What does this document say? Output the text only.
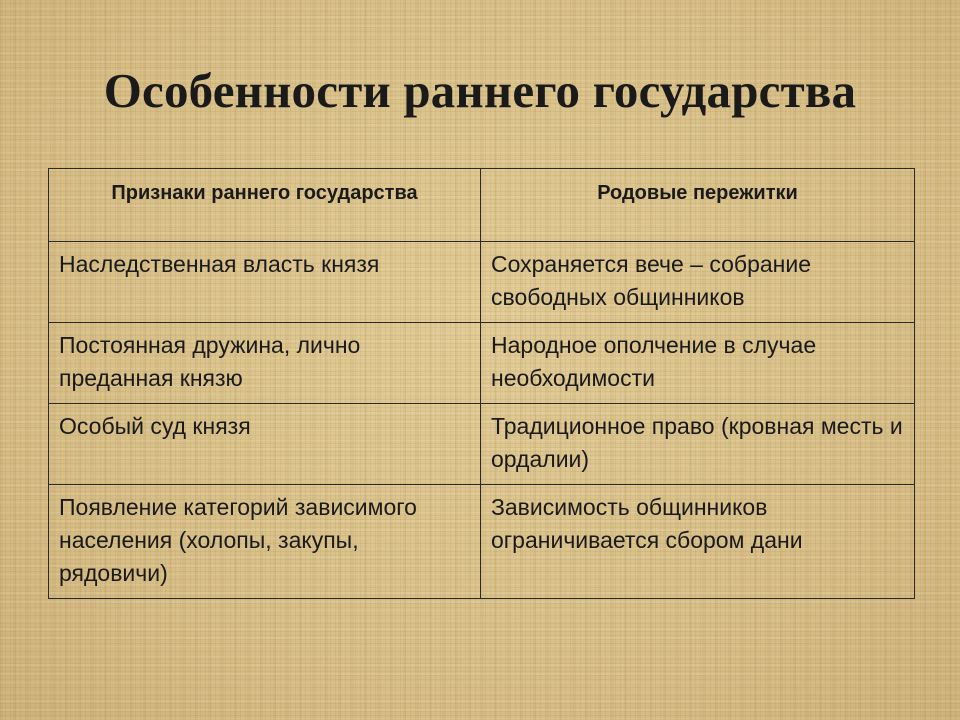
Особенности раннего государства
Признаки раннего государства	Родовые пережитки
Наследственная власть князя	Сохраняется вече – собрание свободных общинников
Постоянная дружина, лично преданная князю	Народное ополчение в случае необходимости
Особый суд князя	Традиционное право (кровная месть и ордалии)
Появление категорий зависимого населения (холопы, закупы, рядовичи)	Зависимость общинников ограничивается сбором дани
